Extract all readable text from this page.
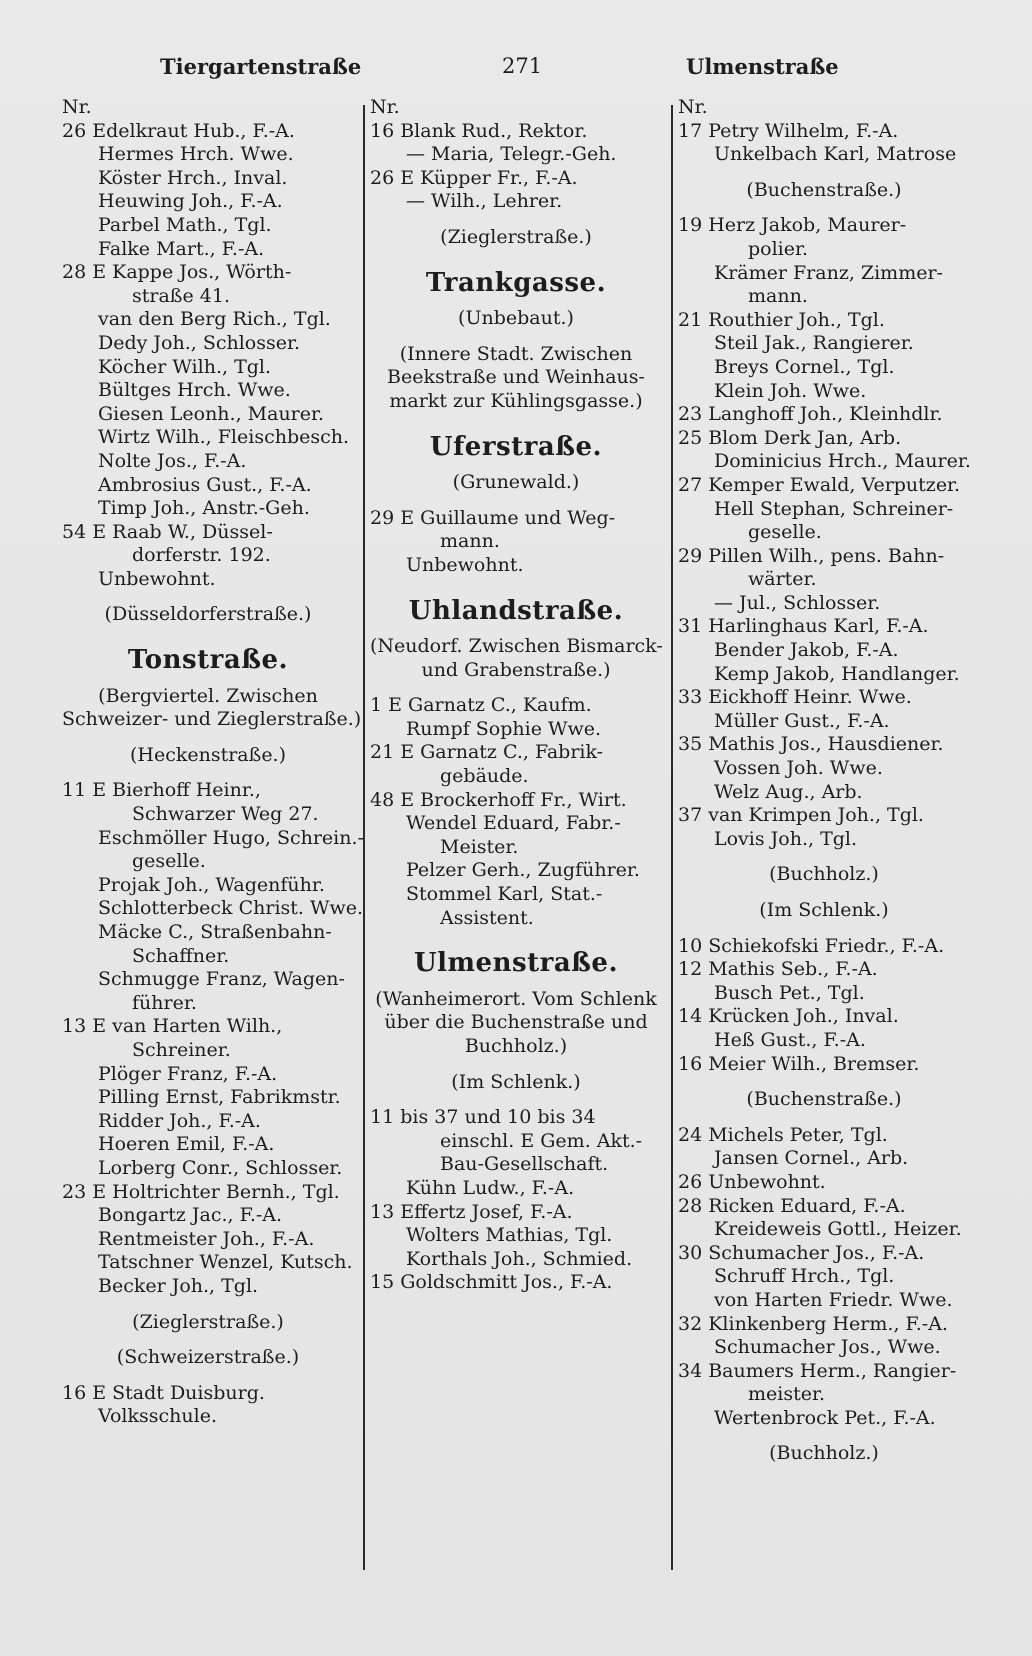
Tiergartenstraße	271	Ulmenstraße
Nr.
26 Edelkraut Hub., F.-A.
Hermes Hrch. Wwe.
Köster Hrch., Inval.
Heuwing Joh., F.-A.
Parbel Math., Tgl.
Falke Mart., F.-A.
28 E Kappe Jos., Wörth-
straße 41.
van den Berg Rich., Tgl.
Dedy Joh., Schlosser.
Köcher Wilh., Tgl.
Bültges Hrch. Wwe.
Giesen Leonh., Maurer.
Wirtz Wilh., Fleischbesch.
Nolte Jos., F.-A.
Ambrosius Gust., F.-A.
Timp Joh., Anstr.-Geh.
54 E Raab W., Düssel-
dorferstr. 192.
Unbewohnt.
(Düsseldorferstraße.)
Tonstraße.
(Bergviertel. Zwischen
Schweizer- und Zieglerstraße.)
(Heckenstraße.)
11 E Bierhoff Heinr.,
Schwarzer Weg 27.
Eschmöller Hugo, Schrein.-
geselle.
Projak Joh., Wagenführ.
Schlotterbeck Christ. Wwe.
Mäcke C., Straßenbahn-
Schaffner.
Schmugge Franz, Wagen-
führer.
13 E van Harten Wilh.,
Schreiner.
Plöger Franz, F.-A.
Pilling Ernst, Fabrikmstr.
Ridder Joh., F.-A.
Hoeren Emil, F.-A.
Lorberg Conr., Schlosser.
23 E Holtrichter Bernh., Tgl.
Bongartz Jac., F.-A.
Rentmeister Joh., F.-A.
Tatschner Wenzel, Kutsch.
Becker Joh., Tgl.
(Zieglerstraße.)
(Schweizerstraße.)
16 E Stadt Duisburg.
Volksschule.
Nr.
16 Blank Rud., Rektor.
— Maria, Telegr.-Geh.
26 E Küpper Fr., F.-A.
— Wilh., Lehrer.
(Zieglerstraße.)
Trankgasse.
(Unbebaut.)
(Innere Stadt. Zwischen
Beekstraße und Weinhaus-
markt zur Kühlingsgasse.)
Uferstraße.
(Grunewald.)
29 E Guillaume und Weg-
mann.
Unbewohnt.
Uhlandstraße.
(Neudorf. Zwischen Bismarck-
und Grabenstraße.)
1 E Garnatz C., Kaufm.
Rumpf Sophie Wwe.
21 E Garnatz C., Fabrik-
gebäude.
48 E Brockerhoff Fr., Wirt.
Wendel Eduard, Fabr.-
Meister.
Pelzer Gerh., Zugführer.
Stommel Karl, Stat.-
Assistent.
Ulmenstraße.
(Wanheimerort. Vom Schlenk
über die Buchenstraße und
Buchholz.)
(Im Schlenk.)
11 bis 37 und 10 bis 34
einschl. E Gem. Akt.-
Bau-Gesellschaft.
Kühn Ludw., F.-A.
13 Effertz Josef, F.-A.
Wolters Mathias, Tgl.
Korthals Joh., Schmied.
15 Goldschmitt Jos., F.-A.
Nr.
17 Petry Wilhelm, F.-A.
Unkelbach Karl, Matrose
(Buchenstraße.)
19 Herz Jakob, Maurer-
polier.
Krämer Franz, Zimmer-
mann.
21 Routhier Joh., Tgl.
Steil Jak., Rangierer.
Breys Cornel., Tgl.
Klein Joh. Wwe.
23 Langhoff Joh., Kleinhdlr.
25 Blom Derk Jan, Arb.
Dominicius Hrch., Maurer.
27 Kemper Ewald, Verputzer.
Hell Stephan, Schreiner-
geselle.
29 Pillen Wilh., pens. Bahn-
wärter.
— Jul., Schlosser.
31 Harlinghaus Karl, F.-A.
Bender Jakob, F.-A.
Kemp Jakob, Handlanger.
33 Eickhoff Heinr. Wwe.
Müller Gust., F.-A.
35 Mathis Jos., Hausdiener.
Vossen Joh. Wwe.
Welz Aug., Arb.
37 van Krimpen Joh., Tgl.
Lovis Joh., Tgl.
(Buchholz.)
(Im Schlenk.)
10 Schiekofski Friedr., F.-A.
12 Mathis Seb., F.-A.
Busch Pet., Tgl.
14 Krücken Joh., Inval.
Heß Gust., F.-A.
16 Meier Wilh., Bremser.
(Buchenstraße.)
24 Michels Peter, Tgl.
Jansen Cornel., Arb.
26 Unbewohnt.
28 Ricken Eduard, F.-A.
Kreideweis Gottl., Heizer.
30 Schumacher Jos., F.-A.
Schruff Hrch., Tgl.
von Harten Friedr. Wwe.
32 Klinkenberg Herm., F.-A.
Schumacher Jos., Wwe.
34 Baumers Herm., Rangier-
meister.
Wertenbrock Pet., F.-A.
(Buchholz.)
